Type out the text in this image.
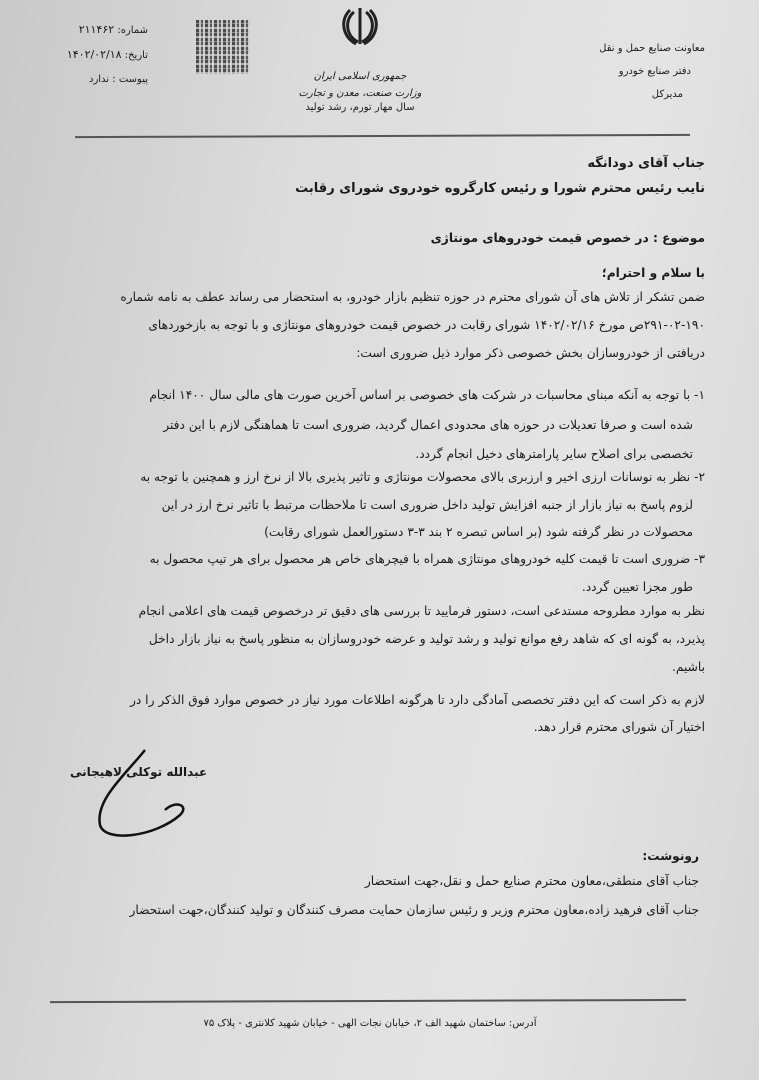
معاونت صنایع حمل و نقل
دفتر صنایع خودرو
مدیرکل
جمهوری اسلامی ایران
وزارت صنعت، معدن و تجارت
سال مهار تورم، رشد تولید
شماره: ۲۱۱۴۶۲
تاریخ: ۱۴۰۲/۰۲/۱۸
پیوست : ندارد
جناب آقای دودانگه
نایب رئیس محترم شورا و رئیس کارگروه خودروی شورای رقابت
موضوع : در خصوص قیمت خودروهای مونتاژی
با سلام و احترام؛
ضمن تشکر از تلاش های آن شورای محترم در حوزه تنظیم بازار خودرو، به استحضار می رساند عطف به نامه شماره
۲۹۱-۰۲-۱۹۰ص مورخ ۱۴۰۲/۰۲/۱۶ شورای رقابت در خصوص قیمت خودروهای مونتاژی و با توجه به بازخوردهای
دریافتی از خودروسازان بخش خصوصی ذکر موارد ذیل ضروری است:
۱- با توجه به آنکه مبنای محاسبات در شرکت های خصوصی بر اساس آخرین صورت های مالی سال ۱۴۰۰ انجام
شده است و صرفا تعدیلات در حوزه های محدودی اعمال گردید، ضروری است تا هماهنگی لازم با این دفتر
تخصصی برای اصلاح سایر پارامترهای دخیل انجام گردد.
۲- نظر به نوسانات ارزی اخیر و ارزبری بالای محصولات مونتاژی و تاثیر پذیری بالا از نرخ ارز و همچنین با توجه به
لزوم پاسخ به نیاز بازار از جنبه افزایش تولید داخل ضروری است تا ملاحظات مرتبط با تاثیر نرخ ارز در این
محصولات در نظر گرفته شود (بر اساس تبصره ۲ بند ۳-۳ دستورالعمل شورای رقابت)
۳- ضروری است تا قیمت کلیه خودروهای مونتاژی همراه با فیچرهای خاص هر محصول برای هر تیپ محصول به
طور مجزا تعیین گردد.
نظر به موارد مطروحه مستدعی است، دستور فرمایید تا بررسی های دقیق تر درخصوص قیمت های اعلامی انجام
پذیرد، به گونه ای که شاهد رفع موانع تولید و رشد تولید و عرضه خودروسازان به منظور پاسخ به نیاز بازار داخل
باشیم.
لازم به ذکر است که این دفتر تخصصی آمادگی دارد تا هرگونه اطلاعات مورد نیاز در خصوص موارد فوق الذکر را در
اختیار آن شورای محترم قرار دهد.
عبدالله توکلی لاهیجانی
رونوشت:
جناب آقای منطقی،معاون محترم صنایع حمل و نقل،جهت استحضار
جناب آقای فرهید زاده،معاون محترم وزیر و رئیس سازمان حمایت مصرف کنندگان و تولید کنندگان،جهت استحضار
آدرس: ساختمان شهید الف ۲، خیابان نجات الهی - خیابان شهید کلانتری - پلاک ۷۵
